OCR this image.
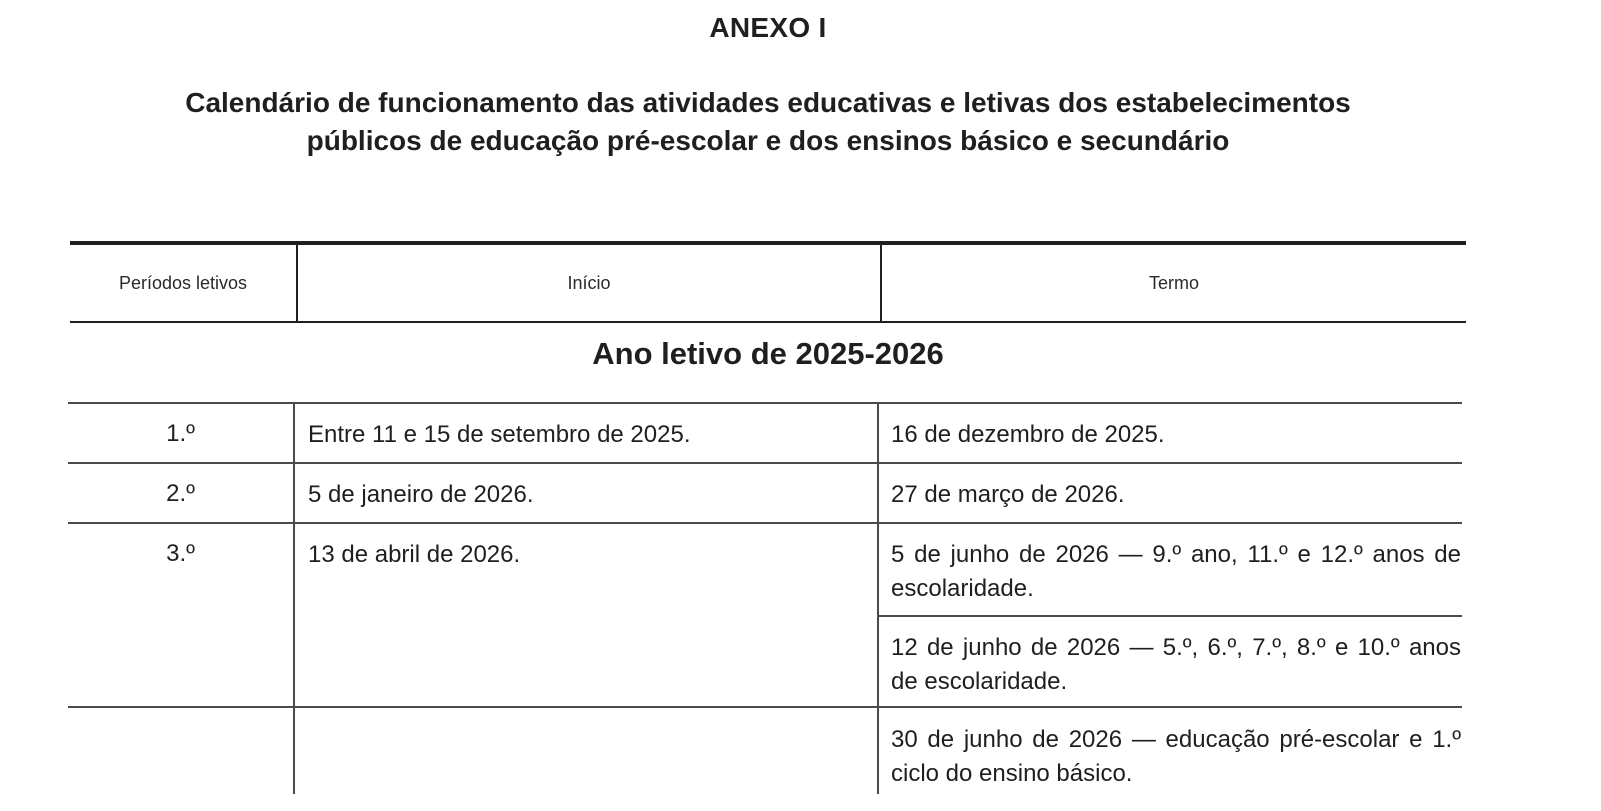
ANEXO I
Calendário de funcionamento das atividades educativas e letivas dos estabelecimentos
públicos de educação pré-escolar e dos ensinos básico e secundário
Períodos letivos	Início	Termo
Ano letivo de 2025-2026
1.º	Entre 11 e 15 de setembro de 2025.	16 de dezembro de 2025.
2.º	5 de janeiro de 2026.	27 de março de 2026.
3.º	13 de abril de 2026.	5 de junho de 2026 — 9.º ano, 11.º e 12.º anos de escolaridade.
12 de junho de 2026 — 5.º, 6.º, 7.º, 8.º e 10.º anos de escolaridade.
30 de junho de 2026 — educação pré-escolar e 1.º ciclo do ensino básico.
